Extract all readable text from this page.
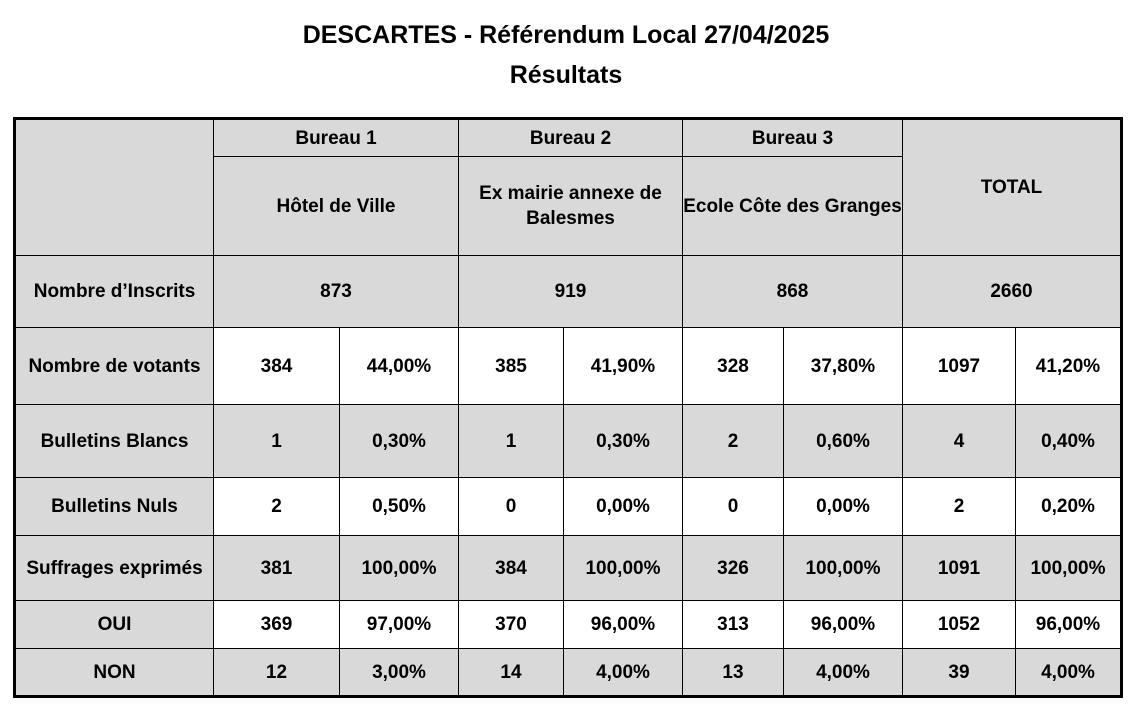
DESCARTES - Référendum Local 27/04/2025
Résultats
	Bureau 1		Bureau 2		Bureau 3		TOTAL	
	Hôtel de Ville		Ex mairie annexe de Balesmes		Ecole Côte des Granges			
Nombre d’Inscrits	873		919		868		2660	
Nombre de votants	384	44,00%	385	41,90%	328	37,80%	1097	41,20%
Bulletins Blancs	1	0,30%	1	0,30%	2	0,60%	4	0,40%
Bulletins Nuls	2	0,50%	0	0,00%	0	0,00%	2	0,20%
Suffrages exprimés	381	100,00%	384	100,00%	326	100,00%	1091	100,00%
OUI	369	97,00%	370	96,00%	313	96,00%	1052	96,00%
NON	12	3,00%	14	4,00%	13	4,00%	39	4,00%
